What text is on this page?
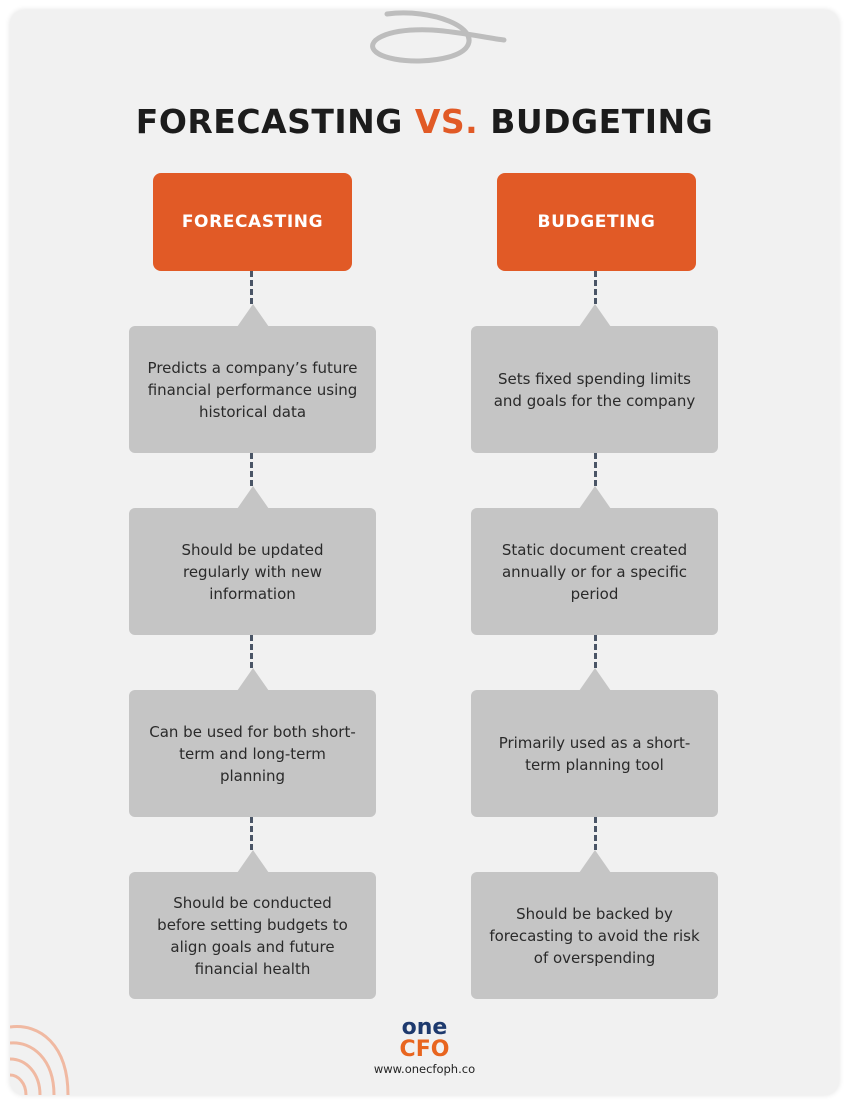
FORECASTING VS. BUDGETING
FORECASTING
Predicts a company’s future financial performance using historical data
Should be updated regularly with new information
Can be used for both short-term and long-term planning
Should be conducted before setting budgets to align goals and future financial health
BUDGETING
Sets fixed spending limits and goals for the company
Static document created annually or for a specific period
Primarily used as a short-term planning tool
Should be backed by forecasting to avoid the risk of overspending
one
CFO
www.onecfoph.co
